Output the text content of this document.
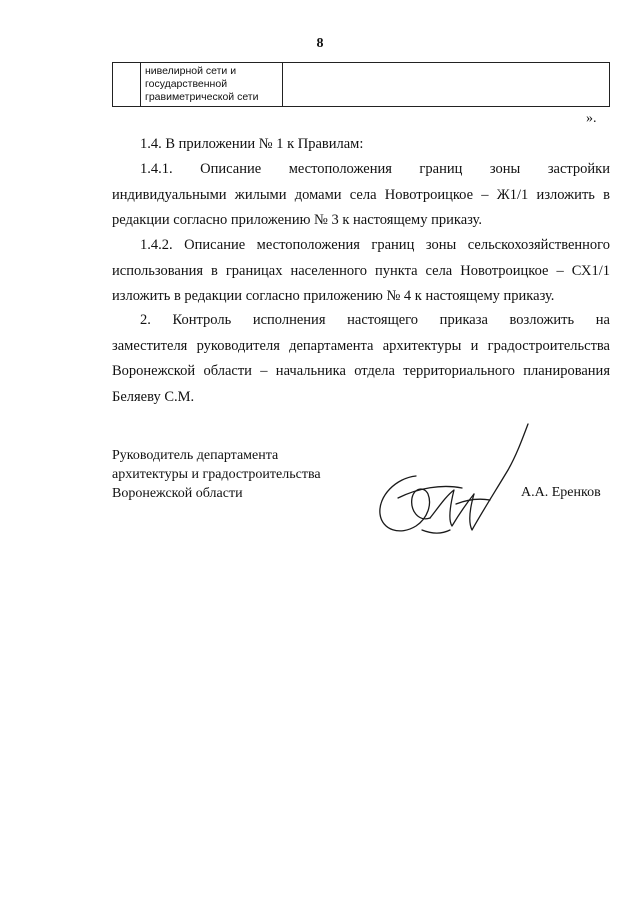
8

нивелирной сети и
государственной
гравиметрической сети

».

1.4. В приложении № 1 к Правилам:

1.4.1. Описание местоположения границ зоны застройки
индивидуальными жилыми домами села Новотроицкое – Ж1/1 изложить в
редакции согласно приложению № 3 к настоящему приказу.
1.4.2. Описание местоположения границ зоны сельскохозяйственного
использования в границах населенного пункта села Новотроицкое – СХ1/1
изложить в редакции согласно приложению № 4 к настоящему приказу.
2. Контроль исполнения настоящего приказа возложить на
заместителя руководителя департамента архитектуры и градостроительства
Воронежской области – начальника отдела территориального планирования
Беляеву С.М.
Руководитель департамента
архитектуры и градостроительства
Воронежской области	А.А. Еренков
